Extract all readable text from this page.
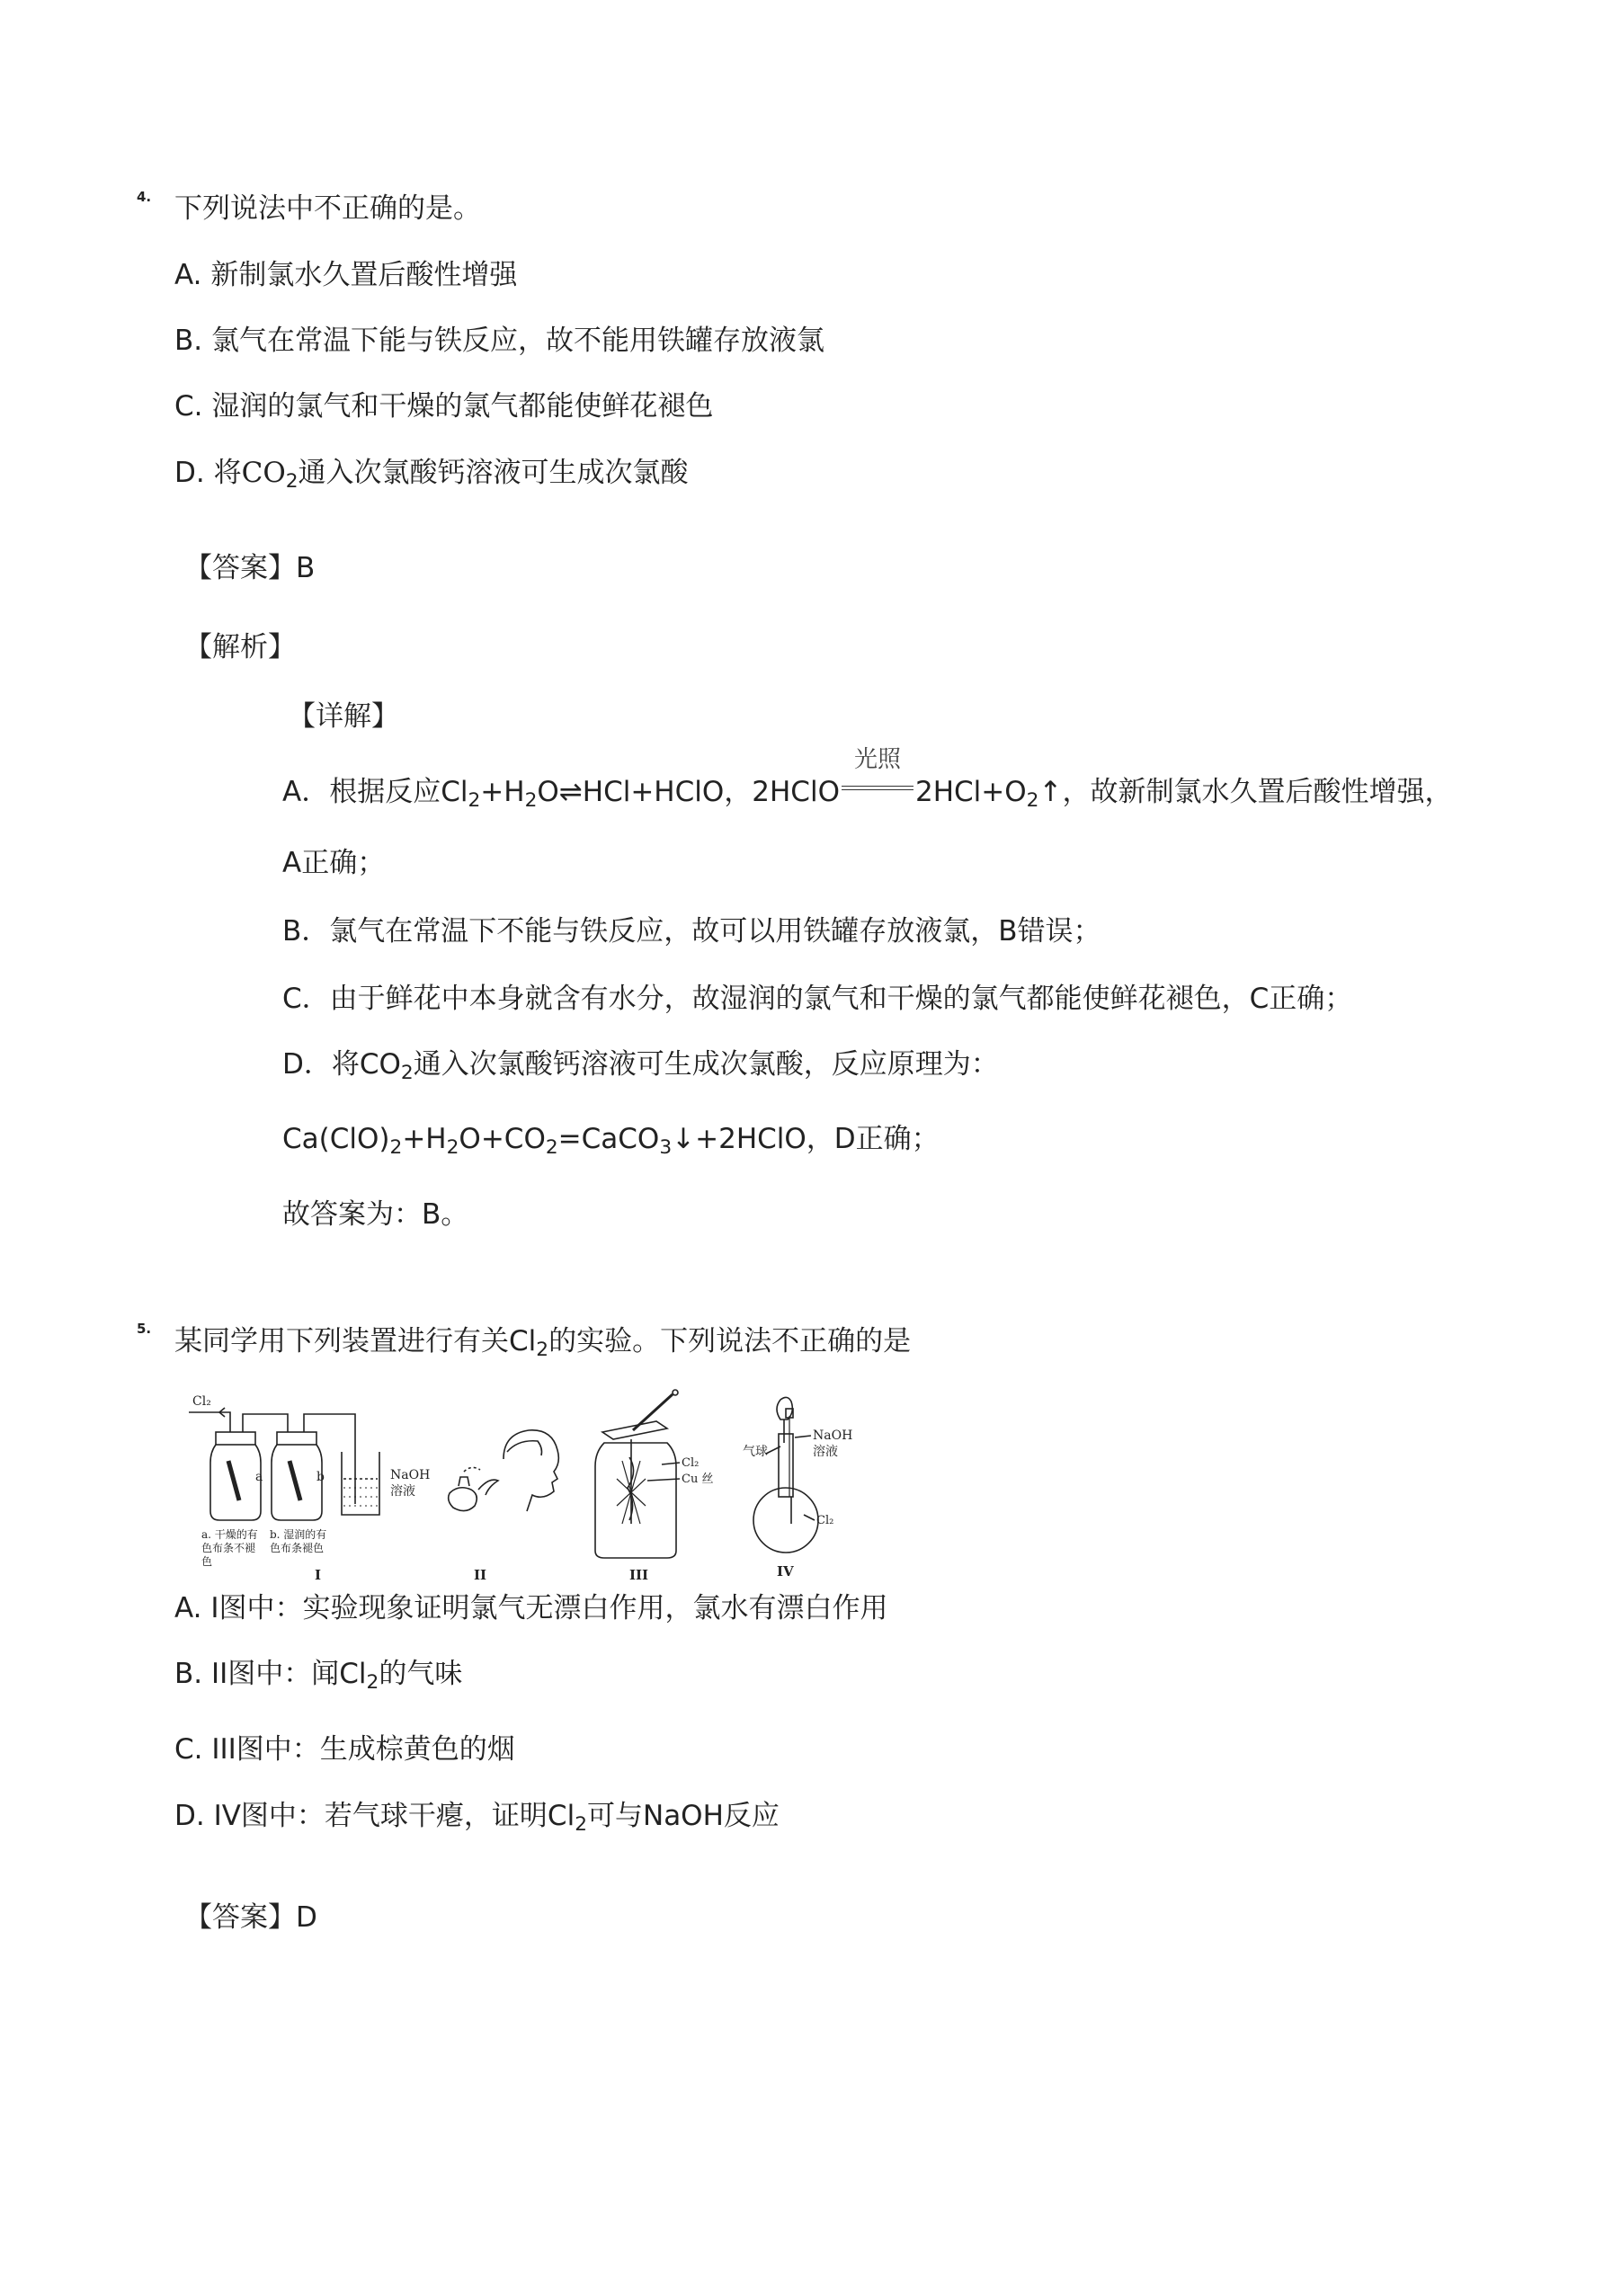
4. 下列说法中不正确的是。
A. 新制氯水久置后酸性增强
B. 氯气在常温下能与铁反应，故不能用铁罐存放液氯
C. 湿润的氯气和干燥的氯气都能使鲜花褪色
D. 将$CO_2$通入次氯酸钙溶液可生成次氯酸
【答案】B
【解析】
【详解】
A．根据反应$Cl_2+H_2O\rightleftharpoons HCl+HClO$，2HClO
光照
$2HCl+O_2↑$，故新制氯水久置后酸性增强，
A正确；
B．氯气在常温下不能与铁反应，故可以用铁罐存放液氯，B错误；
C．由于鲜花中本身就含有水分，故湿润的氯气和干燥的氯气都能使鲜花褪色，C正确；
D．将$CO_2$通入次氯酸钙溶液可生成次氯酸，反应原理为：
$Ca(ClO)_2+H_2O+CO_2=CaCO_3↓+2HClO$，D正确；
故答案为：B。
5. 某同学用下列装置进行有关$Cl_2$的实验。下列说法不正确的是
Cl₂
a	b	NaOH
溶液
a. 干燥的有
色布条不褪
色
b. 湿润的有
色布条褪色
I	II
Cl₂
Cu 丝
III
气球
NaOH
溶液
Cl₂
IV
A. I图中：实验现象证明氯气无漂白作用，氯水有漂白作用
B. II图中：闻$Cl_2$的气味
C. III图中：生成棕黄色的烟
D. IV图中：若气球干瘪，证明$Cl_2$可与NaOH反应
【答案】D
